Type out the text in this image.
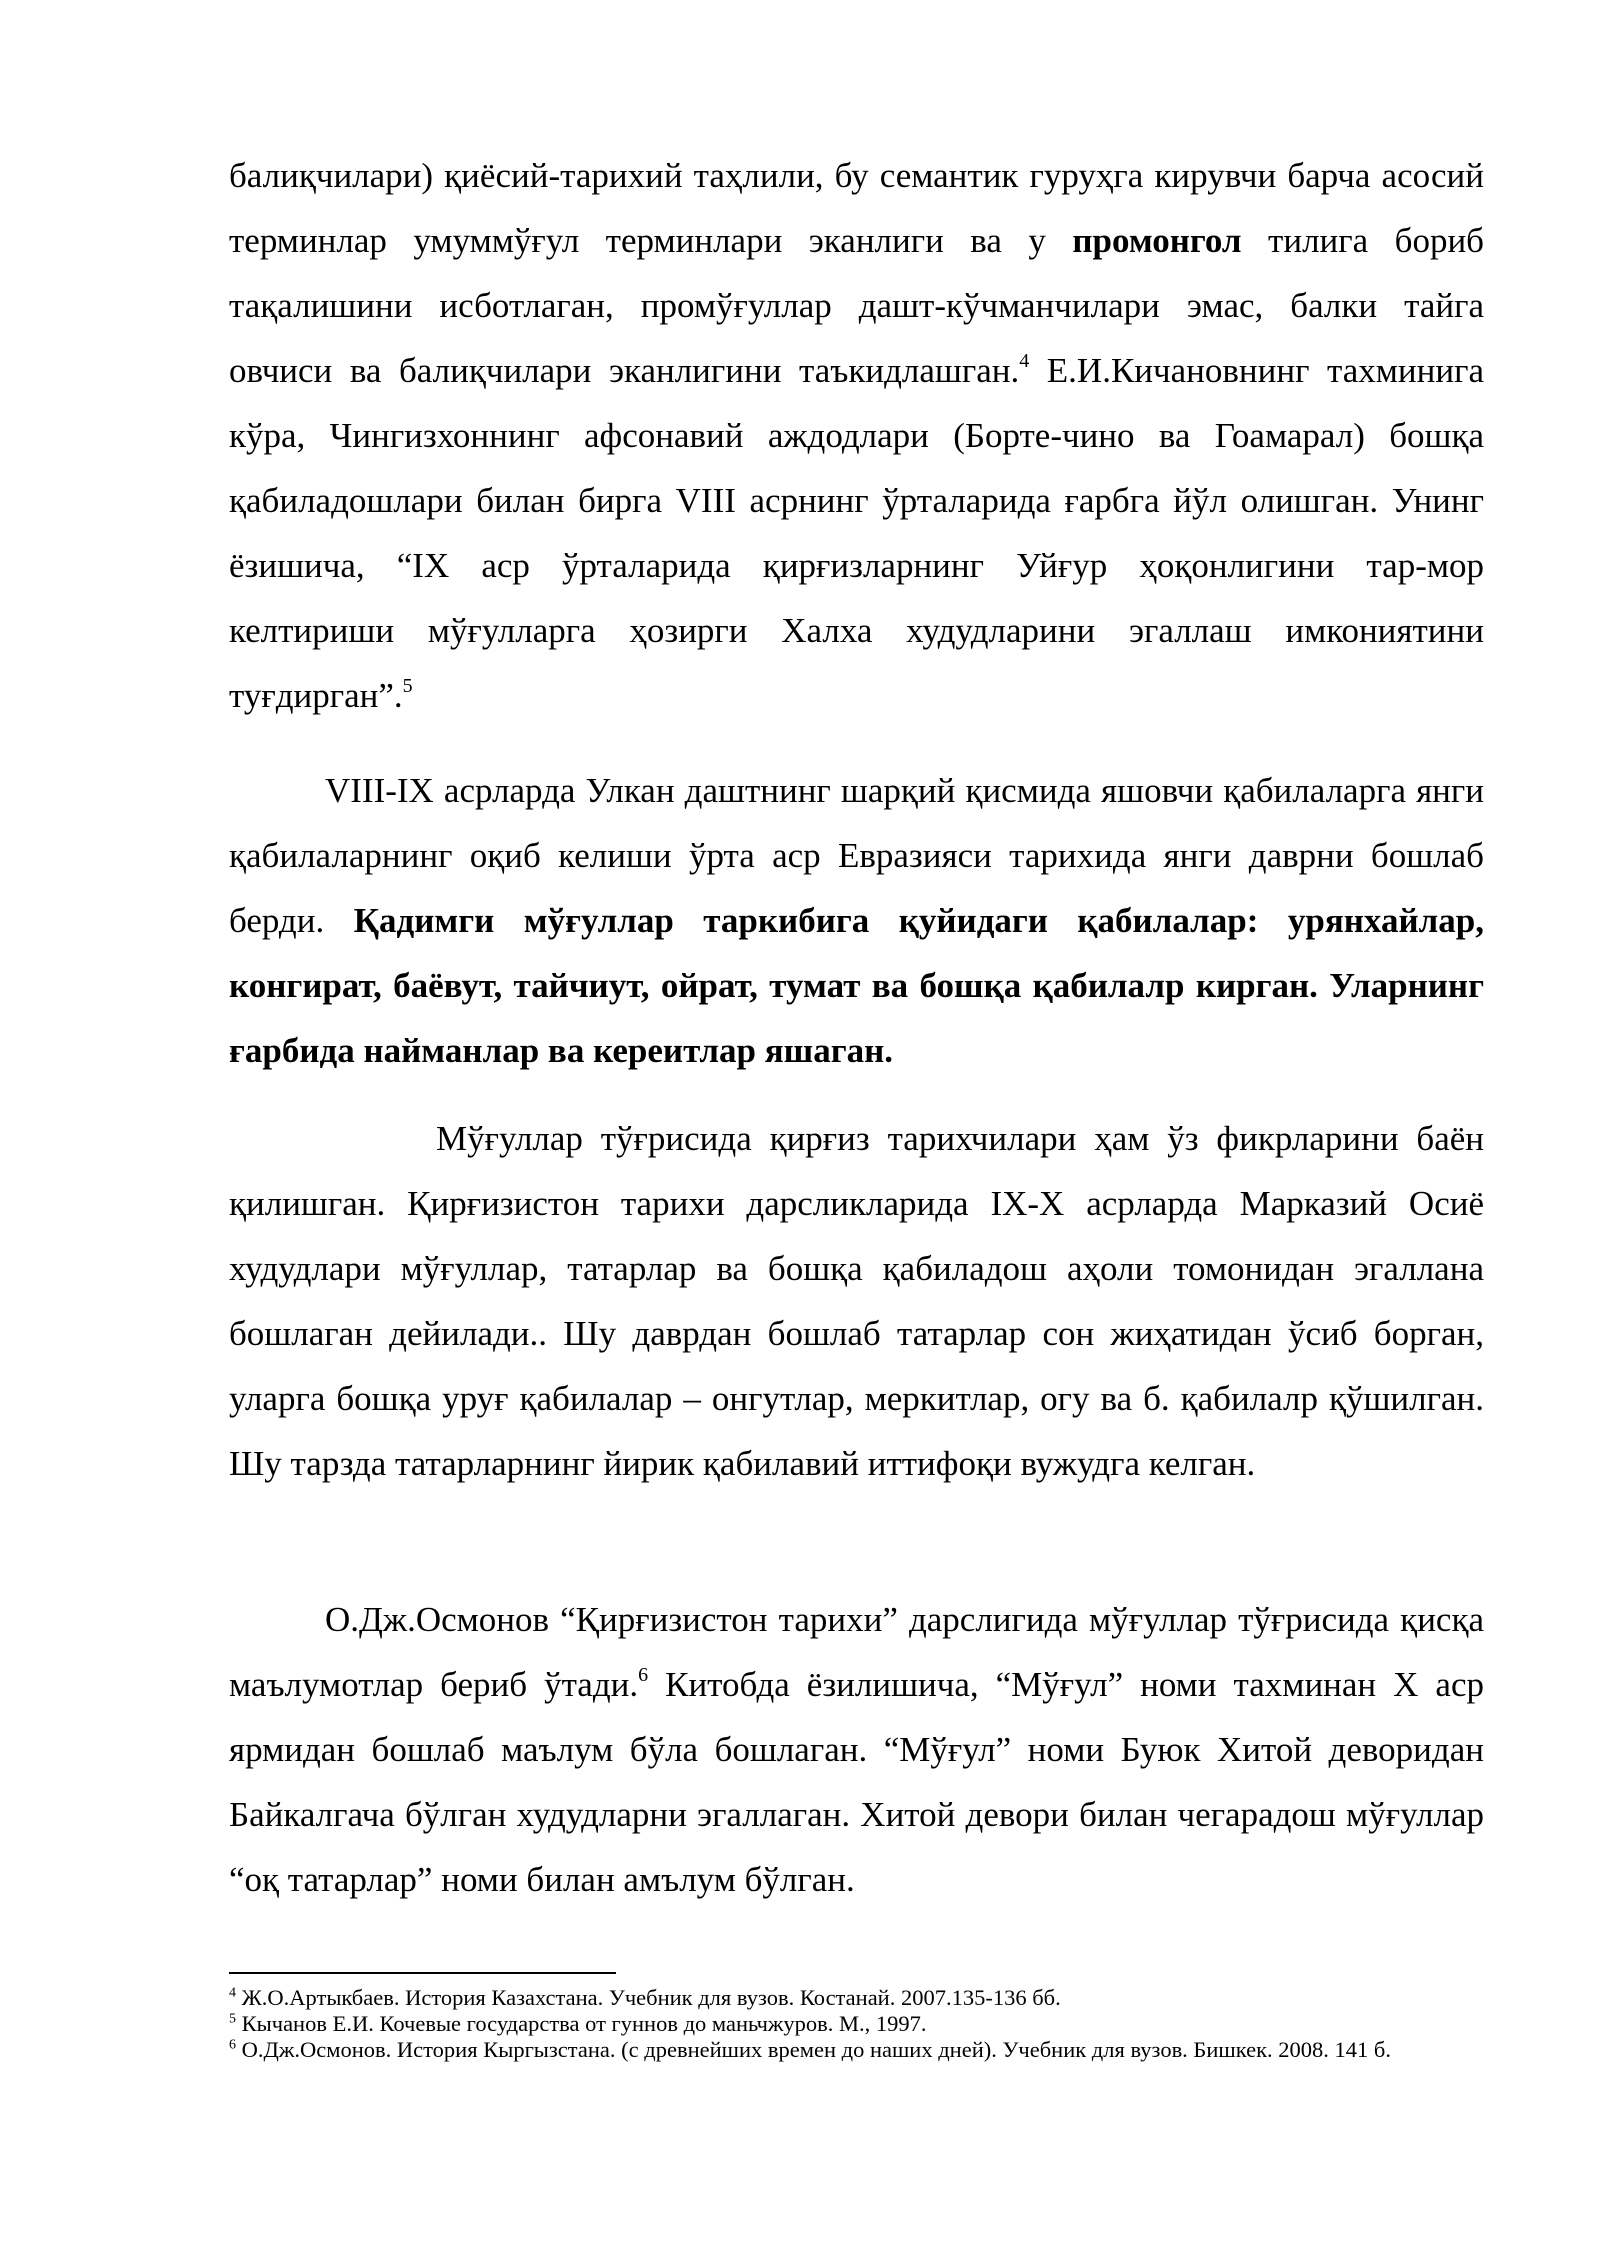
балиқчилари) қиёсий-тарихий таҳлили, бу семантик гуруҳга кирувчи барча асосий терминлар умуммўғул терминлари эканлиги ва у промонгол тилига бориб тақалишини исботлаган, промўғуллар дашт-кўчманчилари эмас, балки тайга овчиси ва балиқчилари эканлигини таъкидлашган.$^4$ Е.И.Кичановнинг тахминига кўра, Чингизхоннинг афсонавий аждодлари (Борте-чино ва Гоамарал) бошқа қабиладошлари билан бирга VIII асрнинг ўрталарида ғарбга йўл олишган. Унинг ёзишича, “IX аср ўрталарида қирғизларнинг Уйғур ҳоқонлигини тар-мор келтириши мўғулларга ҳозирги Халха худудларини эгаллаш имкониятини туғдирган”.$^5$
VIII-IX асрларда Улкан даштнинг шарқий қисмида яшовчи қабилаларга янги қабилаларнинг оқиб келиши ўрта аср Евразияси тарихида янги даврни бошлаб берди. Қадимги мўғуллар таркибига қуйидаги қабилалар: урянхайлар, конгират, баёвут, тайчиут, ойрат, тумат ва бошқа қабилалр кирган. Уларнинг ғарбида найманлар ва кереитлар яшаган.
Мўғуллар тўғрисида қирғиз тарихчилари ҳам ўз фикрларини баён қилишган. Қирғизистон тарихи дарсликларида IX-X асрларда Марказий Осиё худудлари мўғуллар, татарлар ва бошқа қабиладош аҳоли томонидан эгаллана бошлаган дейилади.. Шу даврдан бошлаб татарлар сон жиҳатидан ўсиб борган, уларга бошқа уруғ қабилалар – онгутлар, меркитлар, огу ва б. қабилалр қўшилган. Шу тарзда татарларнинг йирик қабилавий иттифоқи вужудга келган.
О.Дж.Осмонов “Қирғизистон тарихи” дарслигида мўғуллар тўғрисида қисқа маълумотлар бериб ўтади.$^6$ Китобда ёзилишича, “Мўғул” номи тахминан X аср ярмидан бошлаб маълум бўла бошлаган. “Мўғул” номи Буюк Хитой деворидан Байкалгача бўлган худудларни эгаллаган. Хитой девори билан чегарадош мўғуллар “оқ татарлар” номи билан амълум бўлган.

$^4$ Ж.О.Артыкбаев. История Казахстана. Учебник для вузов. Костанай. 2007.135-136 бб.

$^5$ Кычанов Е.И. Кочевые государства от гуннов до маньчжуров. М., 1997.

$^6$ О.Дж.Осмонов. История Кыргызстана. (с древнейших времен до наших дней). Учебник для вузов. Бишкек. 2008. 141 б.
